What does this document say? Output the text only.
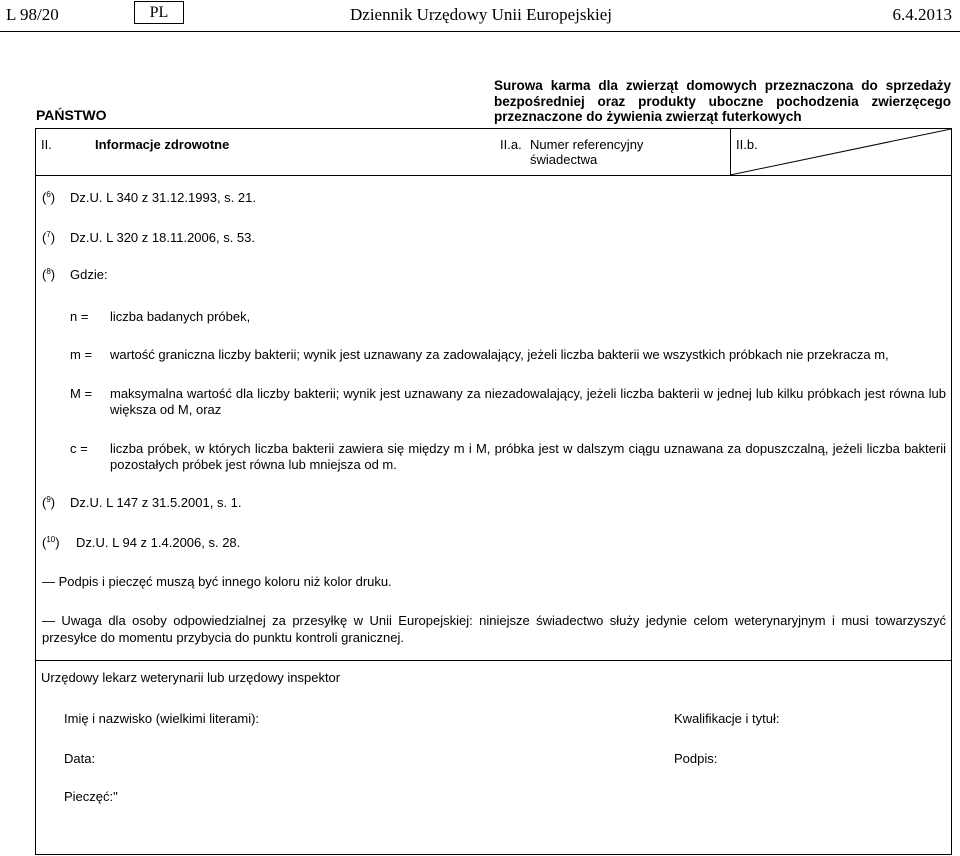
L 98/20	PL	Dziennik Urzędowy Unii Europejskiej	6.4.2013
PAŃSTWO
Surowa karma dla zwierząt domowych przeznaczona do sprzedaży bezpośredniej oraz produkty uboczne pochodzenia zwierzęcego przeznaczone do żywienia zwierząt futerkowych
II.	Informacje zdrowotne	II.a. Numer referencyjny świadectwa
II.b.
($^6$) Dz.U. L 340 z 31.12.1993, s. 21.
($^7$) Dz.U. L 320 z 18.11.2006, s. 53.
($^8$) Gdzie:
n = liczba badanych próbek,
m = wartość graniczna liczby bakterii; wynik jest uznawany za zadowalający, jeżeli liczba bakterii we wszystkich próbkach nie przekracza m,
M = maksymalna wartość dla liczby bakterii; wynik jest uznawany za niezadowalający, jeżeli liczba bakterii w jednej lub kilku próbkach jest równa lub większa od M, oraz
c = liczba próbek, w których liczba bakterii zawiera się między m i M, próbka jest w dalszym ciągu uznawana za dopuszczalną, jeżeli liczba bakterii pozostałych próbek jest równa lub mniejsza od m.
($^9$) Dz.U. L 147 z 31.5.2001, s. 1.
($^{10}$) Dz.U. L 94 z 1.4.2006, s. 28.
— Podpis i pieczęć muszą być innego koloru niż kolor druku.
— Uwaga dla osoby odpowiedzialnej za przesyłkę w Unii Europejskiej: niniejsze świadectwo służy jedynie celom weterynaryjnym i musi towarzyszyć przesyłce do momentu przybycia do punktu kontroli granicznej.
Urzędowy lekarz weterynarii lub urzędowy inspektor
Imię i nazwisko (wielkimi literami):	Kwalifikacje i tytuł:
Data:	Podpis:
Pieczęć:"
